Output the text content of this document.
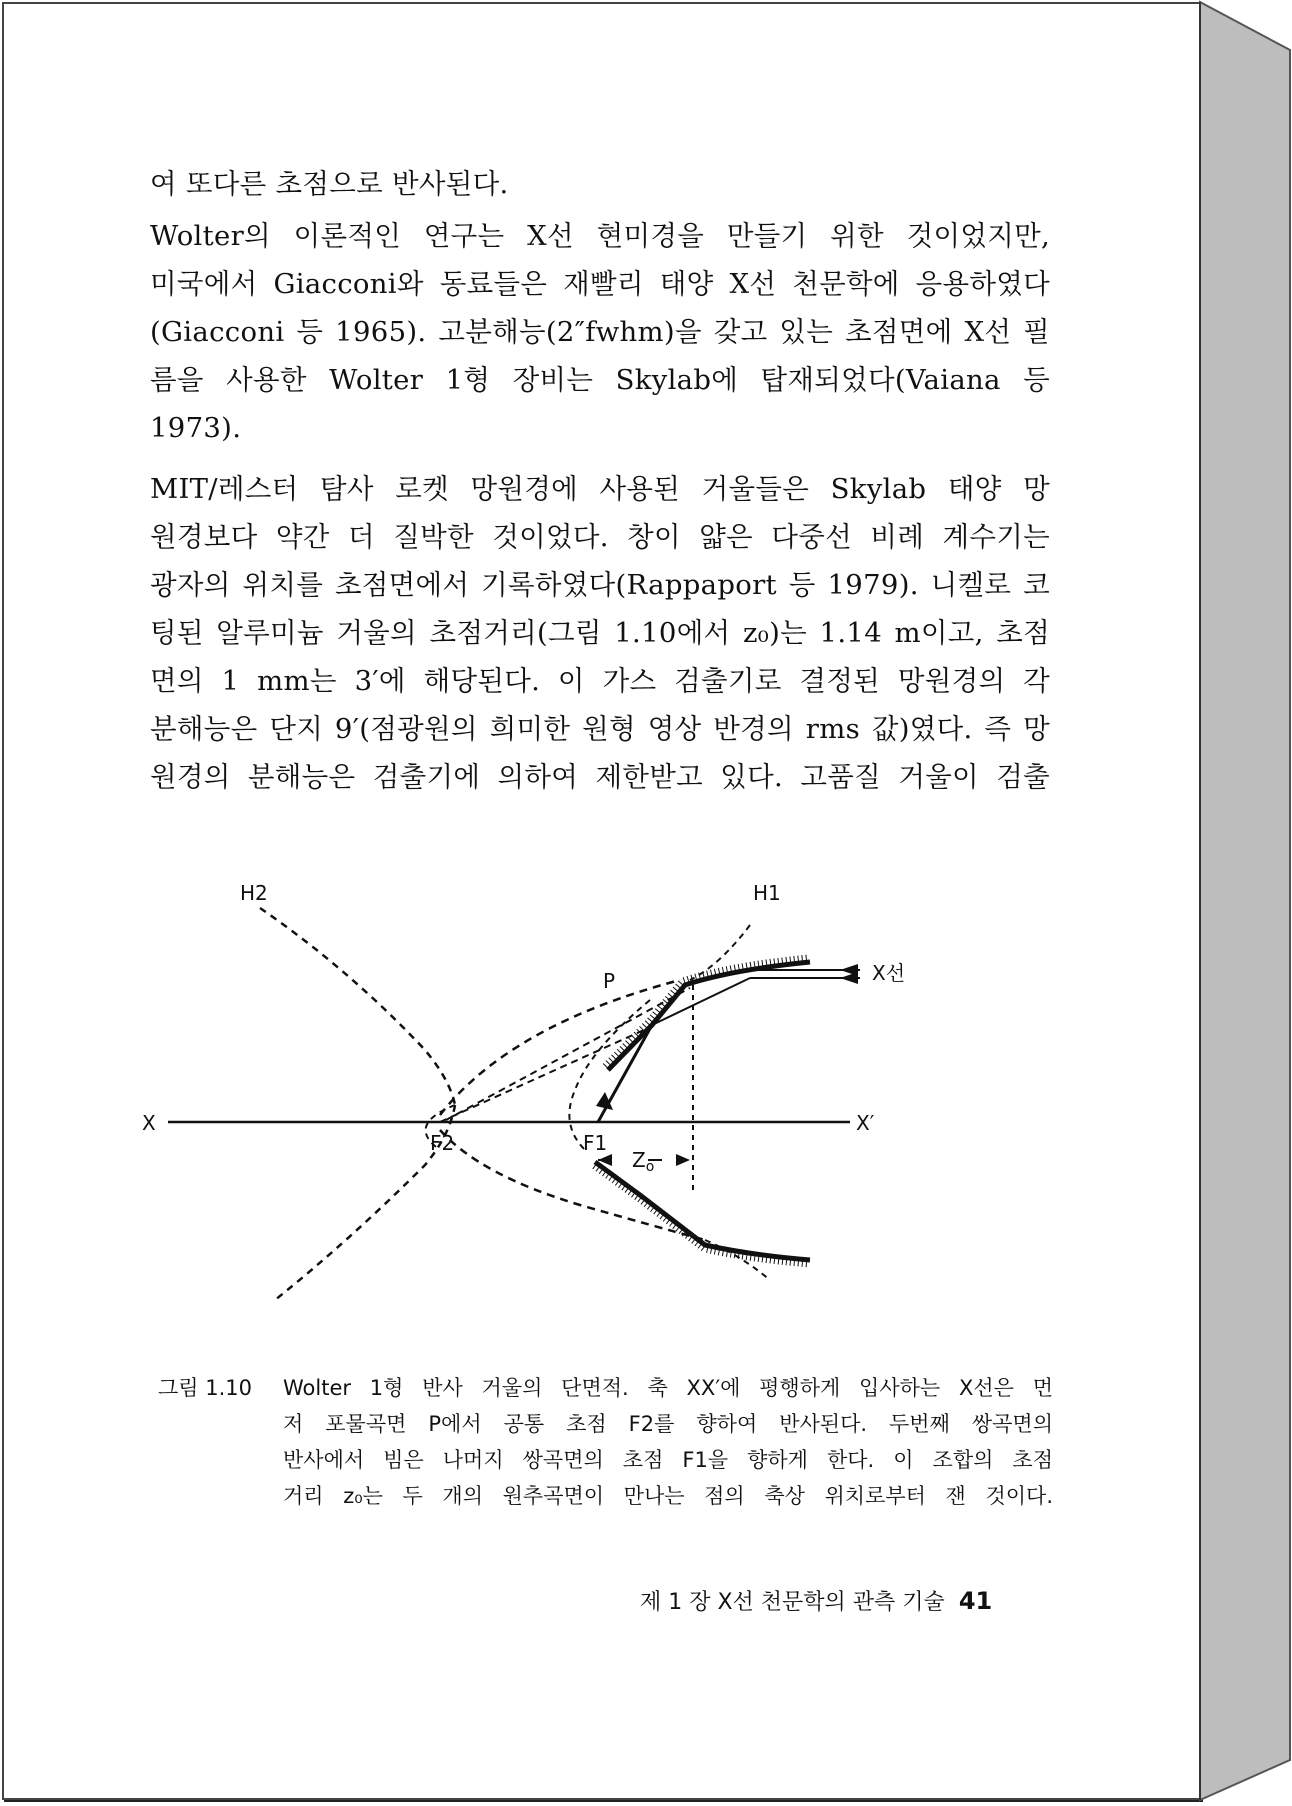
여 또다른 초점으로 반사된다.
Wolter의 이론적인 연구는 X선 현미경을 만들기 위한 것이었지만,
미국에서 Giacconi와 동료들은 재빨리 태양 X선 천문학에 응용하였다
(Giacconi 등 1965). 고분해능(2″fwhm)을 갖고 있는 초점면에 X선 필
름을 사용한 Wolter 1형 장비는 Skylab에 탑재되었다(Vaiana 등
1973).
MIT/레스터 탐사 로켓 망원경에 사용된 거울들은 Skylab 태양 망
원경보다 약간 더 질박한 것이었다. 창이 얇은 다중선 비례 계수기는
광자의 위치를 초점면에서 기록하였다(Rappaport 등 1979). 니켈로 코
팅된 알루미늄 거울의 초점거리(그림 1.10에서 z₀)는 1.14 m이고, 초점
면의 1 mm는 3′에 해당된다. 이 가스 검출기로 결정된 망원경의 각
분해능은 단지 9′(점광원의 희미한 원형 영상 반경의 rms 값)였다. 즉 망
원경의 분해능은 검출기에 의하여 제한받고 있다. 고품질 거울이 검출
H2	H1
X선
P
X	X′
F2	F1
$Z_o$
그림 1.10	Wolter 1형 반사 거울의 단면적. 축 XX′에 평행하게 입사하는 X선은 먼
저 포물곡면 P에서 공통 초점 F2를 향하여 반사된다. 두번째 쌍곡면의
반사에서 빔은 나머지 쌍곡면의 초점 F1을 향하게 한다. 이 조합의 초점
거리 z₀는 두 개의 원추곡면이 만나는 점의 축상 위치로부터 잰 것이다.
제 1 장 X선 천문학의 관측 기술 41
